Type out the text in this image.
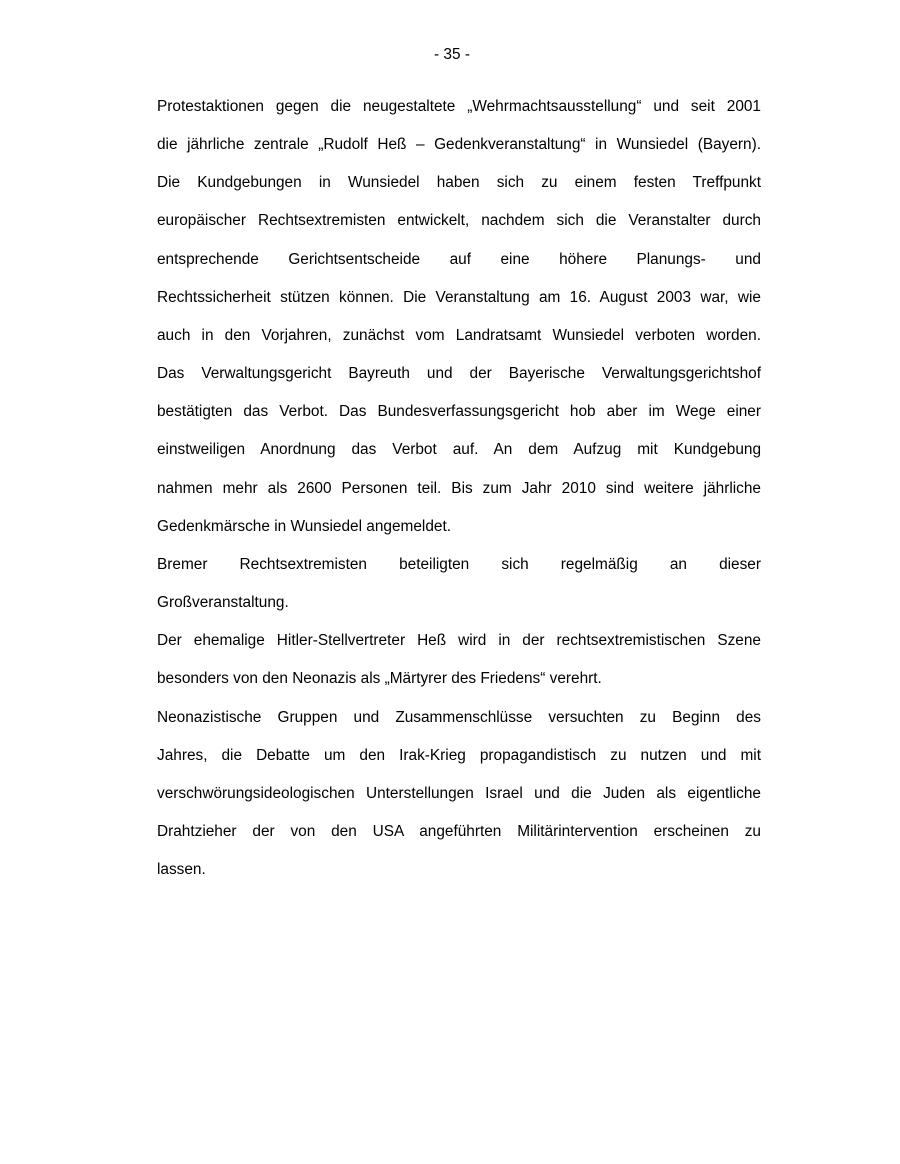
- 35 -
Protestaktionen gegen die neugestaltete „Wehrmachtsausstellung“ und seit 2001
die jährliche zentrale „Rudolf Heß – Gedenkveranstaltung“ in Wunsiedel (Bayern).
Die Kundgebungen in Wunsiedel haben sich zu einem festen Treffpunkt
europäischer Rechtsextremisten entwickelt, nachdem sich die Veranstalter durch
entsprechende Gerichtsentscheide auf eine höhere Planungs- und
Rechtssicherheit stützen können. Die Veranstaltung am 16. August 2003 war, wie
auch in den Vorjahren, zunächst vom Landratsamt Wunsiedel verboten worden.
Das Verwaltungsgericht Bayreuth und der Bayerische Verwaltungsgerichtshof
bestätigten das Verbot. Das Bundesverfassungsgericht hob aber im Wege einer
einstweiligen Anordnung das Verbot auf. An dem Aufzug mit Kundgebung
nahmen mehr als 2600 Personen teil. Bis zum Jahr 2010 sind weitere jährliche
Gedenkmärsche in Wunsiedel angemeldet.
Bremer Rechtsextremisten beteiligten sich regelmäßig an dieser
Großveranstaltung.
Der ehemalige Hitler-Stellvertreter Heß wird in der rechtsextremistischen Szene
besonders von den Neonazis als „Märtyrer des Friedens“ verehrt.
Neonazistische Gruppen und Zusammenschlüsse versuchten zu Beginn des
Jahres, die Debatte um den Irak-Krieg propagandistisch zu nutzen und mit
verschwörungsideologischen Unterstellungen Israel und die Juden als eigentliche
Drahtzieher der von den USA angeführten Militärintervention erscheinen zu
lassen.
